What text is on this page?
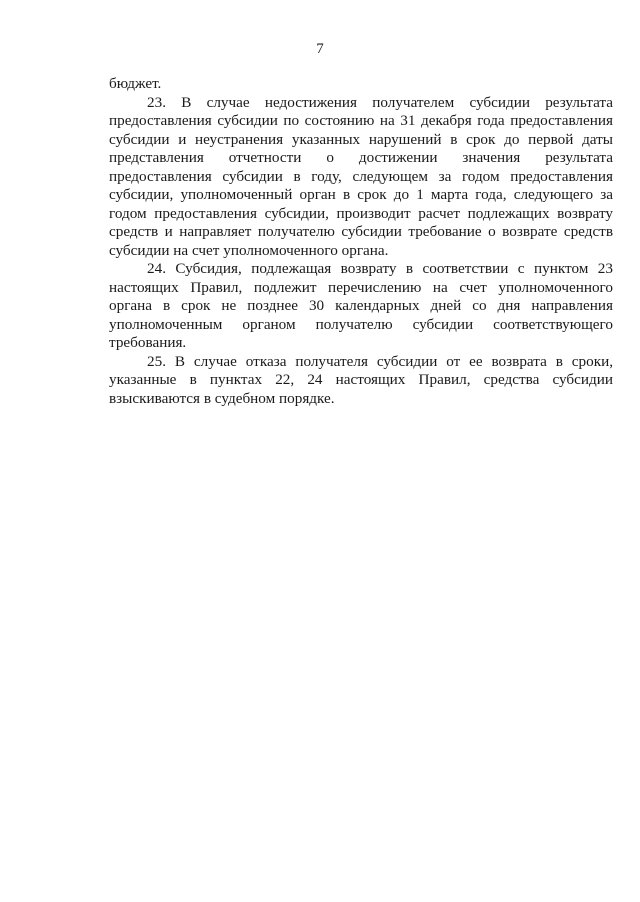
7

бюджет.

23. В случае недостижения получателем субсидии результата предоставления субсидии по состоянию на 31 декабря года предоставления субсидии и неустранения указанных нарушений в срок до первой даты представления отчетности о достижении значения результата предоставления субсидии в году, следующем за годом предоставления субсидии, уполномоченный орган в срок до 1 марта года, следующего за годом предоставления субсидии, производит расчет подлежащих возврату средств и направляет получателю субсидии требование о возврате средств субсидии на счет уполномоченного органа.

24. Субсидия, подлежащая возврату в соответствии с пунктом 23 настоящих Правил, подлежит перечислению на счет уполномоченного органа в срок не позднее 30 календарных дней со дня направления уполномоченным органом получателю субсидии соответствующего требования.

25. В случае отказа получателя субсидии от ее возврата в сроки, указанные в пунктах 22, 24 настоящих Правил, средства субсидии взыскиваются в судебном порядке.
